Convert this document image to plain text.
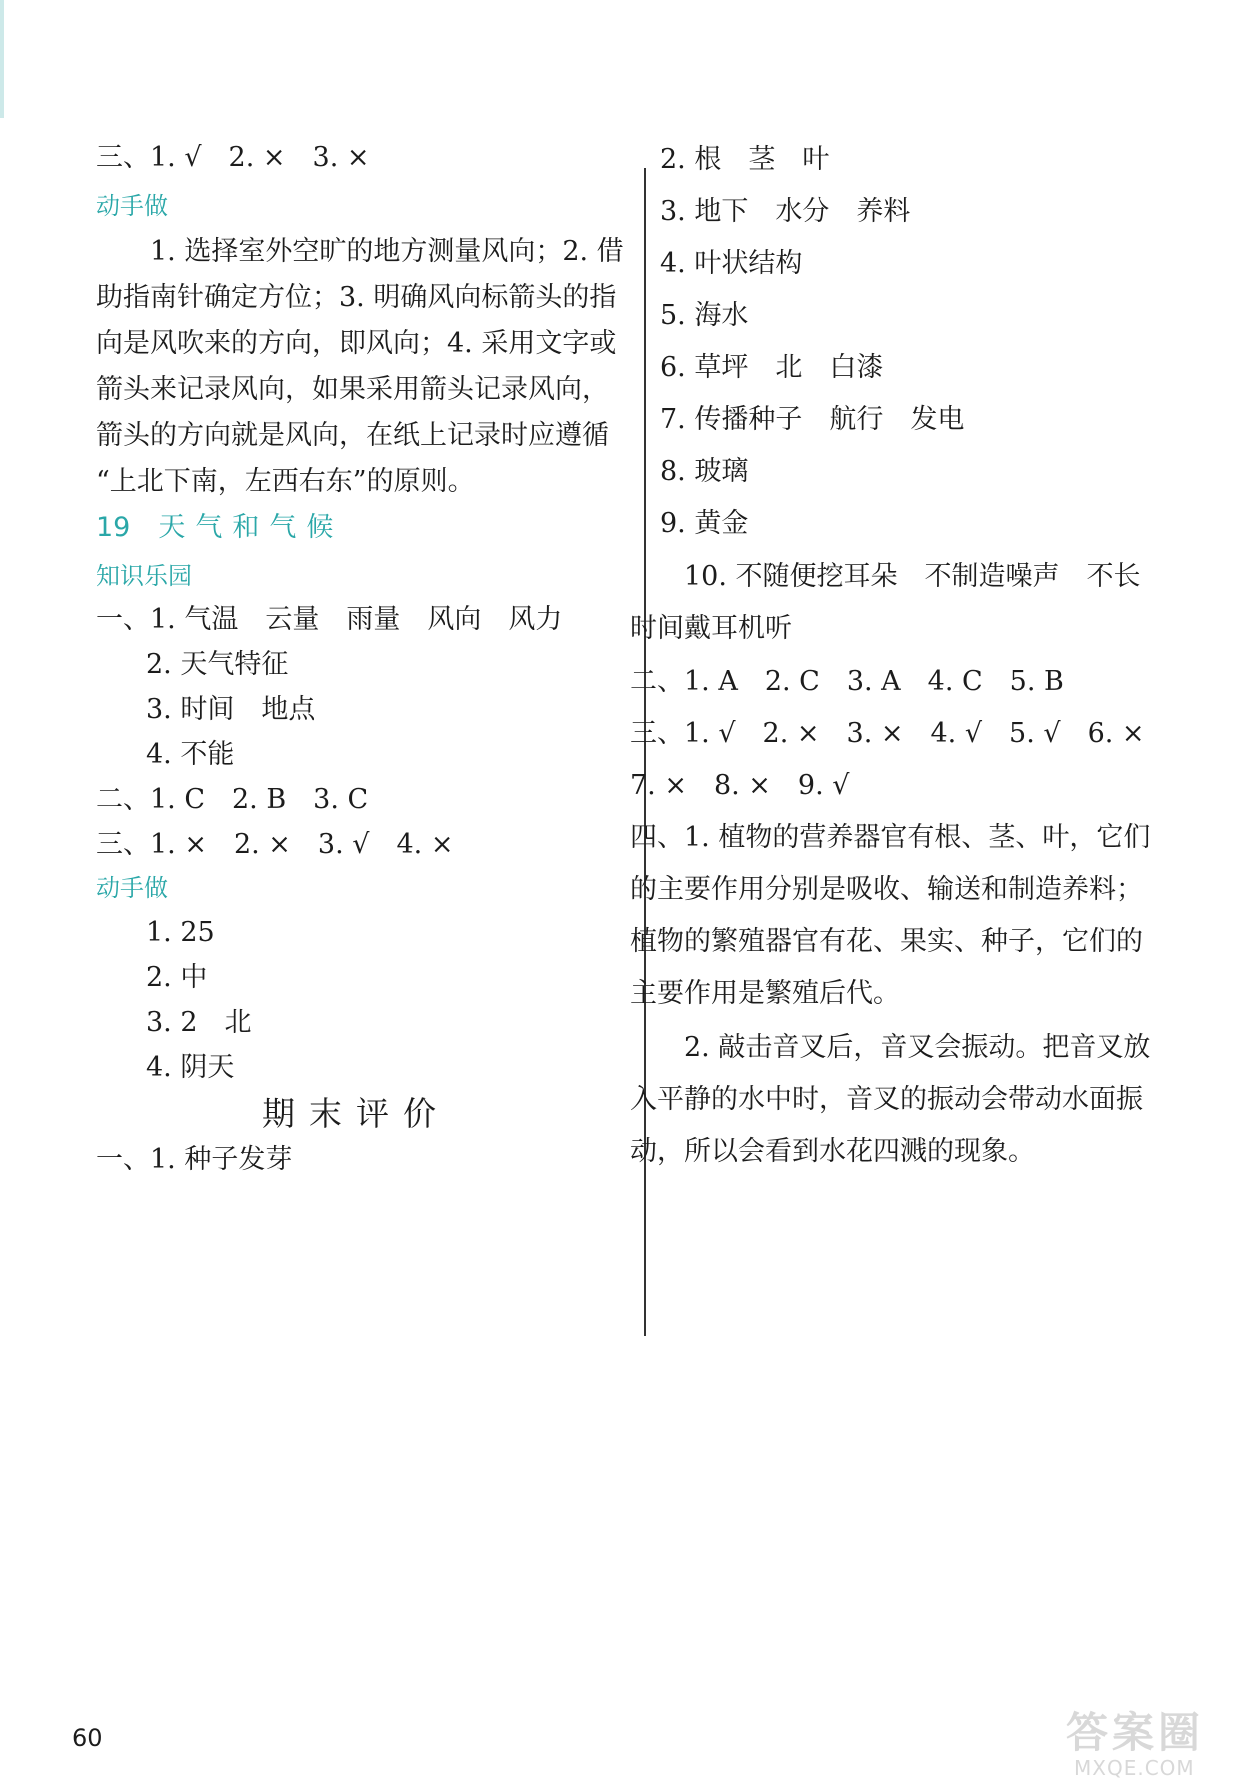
三、1. √　2. ×　3. ×
动手做
　　1. 选择室外空旷的地方测量风向；2. 借
助指南针确定方位；3. 明确风向标箭头的指
向是风吹来的方向，即风向；4. 采用文字或
箭头来记录风向，如果采用箭头记录风向，
箭头的方向就是风向，在纸上记录时应遵循
“上北下南，左西右东”的原则。
19 天气和气候
知识乐园
一、1. 气温　云量　雨量　风向　风力
2. 天气特征
3. 时间　地点
4. 不能
二、1. C　2. B　3. C
三、1. ×　2. ×　3. √　4. ×
动手做
1. 25
2. 中
3. 2　北
4. 阴天
期末评价
一、1. 种子发芽
2. 根　茎　叶
3. 地下　水分　养料
4. 叶状结构
5. 海水
6. 草坪　北　白漆
7. 传播种子　航行　发电
8. 玻璃
9. 黄金
　　10. 不随便挖耳朵　不制造噪声　不长
时间戴耳机听
二、1. A　2. C　3. A　4. C　5. B
三、1. √　2. ×　3. ×　4. √　5. √　6. ×
7. ×　8. ×　9. √
四、1. 植物的营养器官有根、茎、叶，它们
的主要作用分别是吸收、输送和制造养料；
植物的繁殖器官有花、果实、种子，它们的
主要作用是繁殖后代。
　　2. 敲击音叉后，音叉会振动。把音叉放
入平静的水中时，音叉的振动会带动水面振
动，所以会看到水花四溅的现象。
60	答案圈
MXQE.COM
